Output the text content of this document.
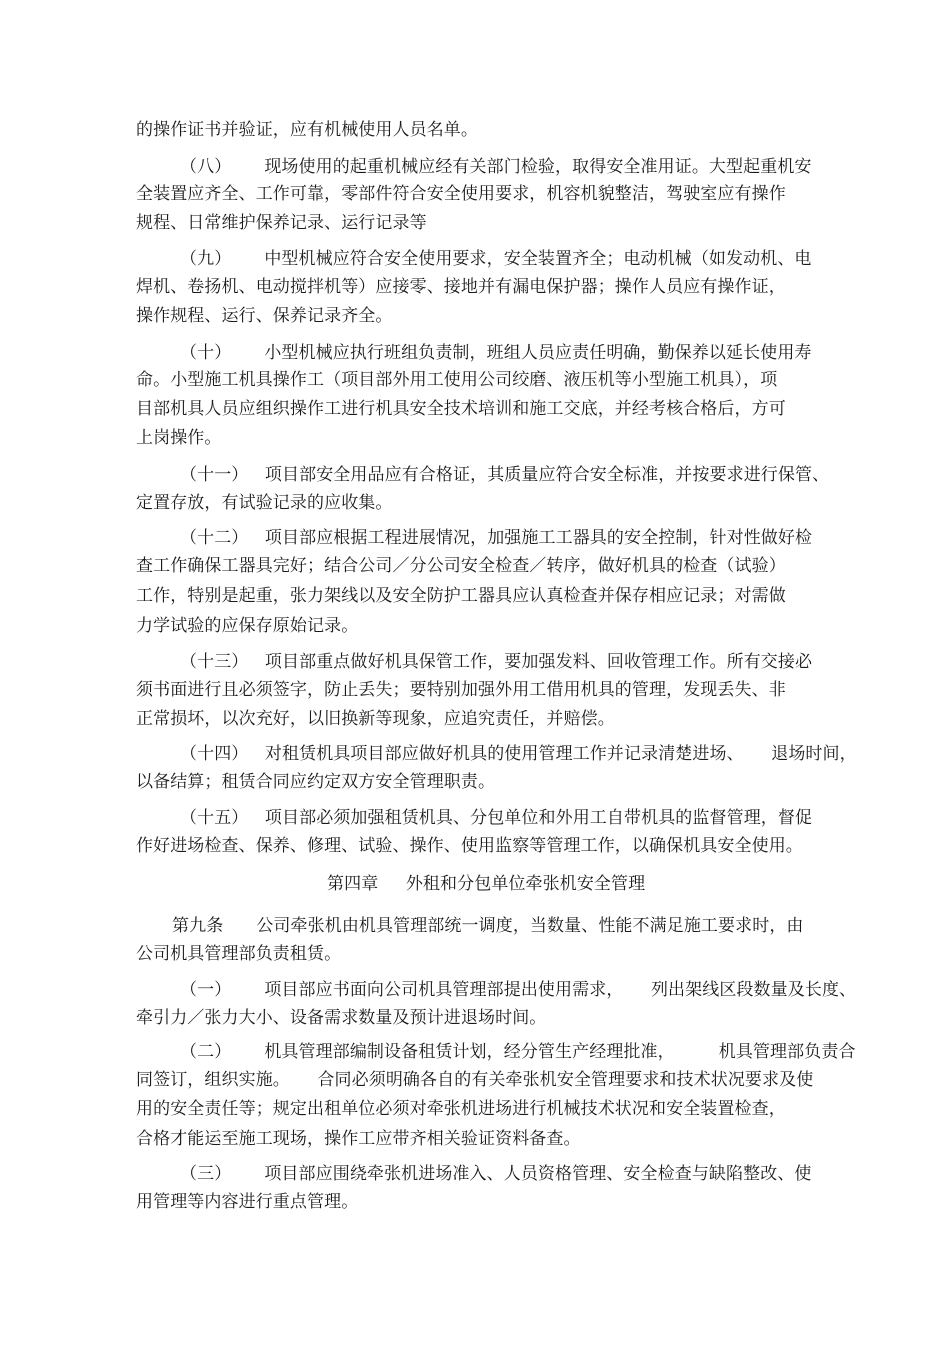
的操作证书并验证，应有机械使用人员名单。
（八）      现场使用的起重机械应经有关部门检验，取得安全准用证。大型起重机安
全装置应齐全、工作可靠，零部件符合安全使用要求，机容机貌整洁，驾驶室应有操作
规程、日常维护保养记录、运行记录等
（九）      中型机械应符合安全使用要求，安全装置齐全；电动机械（如发动机、电
焊机、卷扬机、电动搅拌机等）应接零、接地并有漏电保护器；操作人员应有操作证，
操作规程、运行、保养记录齐全。
（十）      小型机械应执行班组负责制，班组人员应责任明确，勤保养以延长使用寿
命。小型施工机具操作工（项目部外用工使用公司绞磨、液压机等小型施工机具），项
目部机具人员应组织操作工进行机具安全技术培训和施工交底，并经考核合格后，方可
上岗操作。
（十一）   项目部安全用品应有合格证，其质量应符合安全标准，并按要求进行保管、
定置存放，有试验记录的应收集。
（十二）   项目部应根据工程进展情况，加强施工工器具的安全控制，针对性做好检
查工作确保工器具完好；结合公司／分公司安全检查／转序，做好机具的检查（试验）
工作，特别是起重，张力架线以及安全防护工器具应认真检查并保存相应记录；对需做
力学试验的应保存原始记录。
（十三）   项目部重点做好机具保管工作，要加强发料、回收管理工作。所有交接必
须书面进行且必须签字，防止丢失；要特别加强外用工借用机具的管理，发现丢失、非
正常损坏，以次充好，以旧换新等现象，应追究责任，并赔偿。
（十四）   对租赁机具项目部应做好机具的使用管理工作并记录清楚进场、     退场时间，
以备结算；租赁合同应约定双方安全管理职责。
（十五）   项目部必须加强租赁机具、分包单位和外用工自带机具的监督管理，督促
作好进场检查、保养、修理、试验、操作、使用监察等管理工作，以确保机具安全使用。
第四章     外租和分包单位牵张机安全管理
第九条      公司牵张机由机具管理部统一调度，当数量、性能不满足施工要求时，由
公司机具管理部负责租赁。
（一）      项目部应书面向公司机具管理部提出使用需求，     列出架线区段数量及长度、
牵引力／张力大小、设备需求数量及预计进退场时间。
（二）      机具管理部编制设备租赁计划，经分管生产经理批准，        机具管理部负责合
同签订，组织实施。     合同必须明确各自的有关牵张机安全管理要求和技术状况要求及使
用的安全责任等；规定出租单位必须对牵张机进场进行机械技术状况和安全装置检查，
合格才能运至施工现场，操作工应带齐相关验证资料备查。
（三）      项目部应围绕牵张机进场准入、人员资格管理、安全检查与缺陷整改、使
用管理等内容进行重点管理。
